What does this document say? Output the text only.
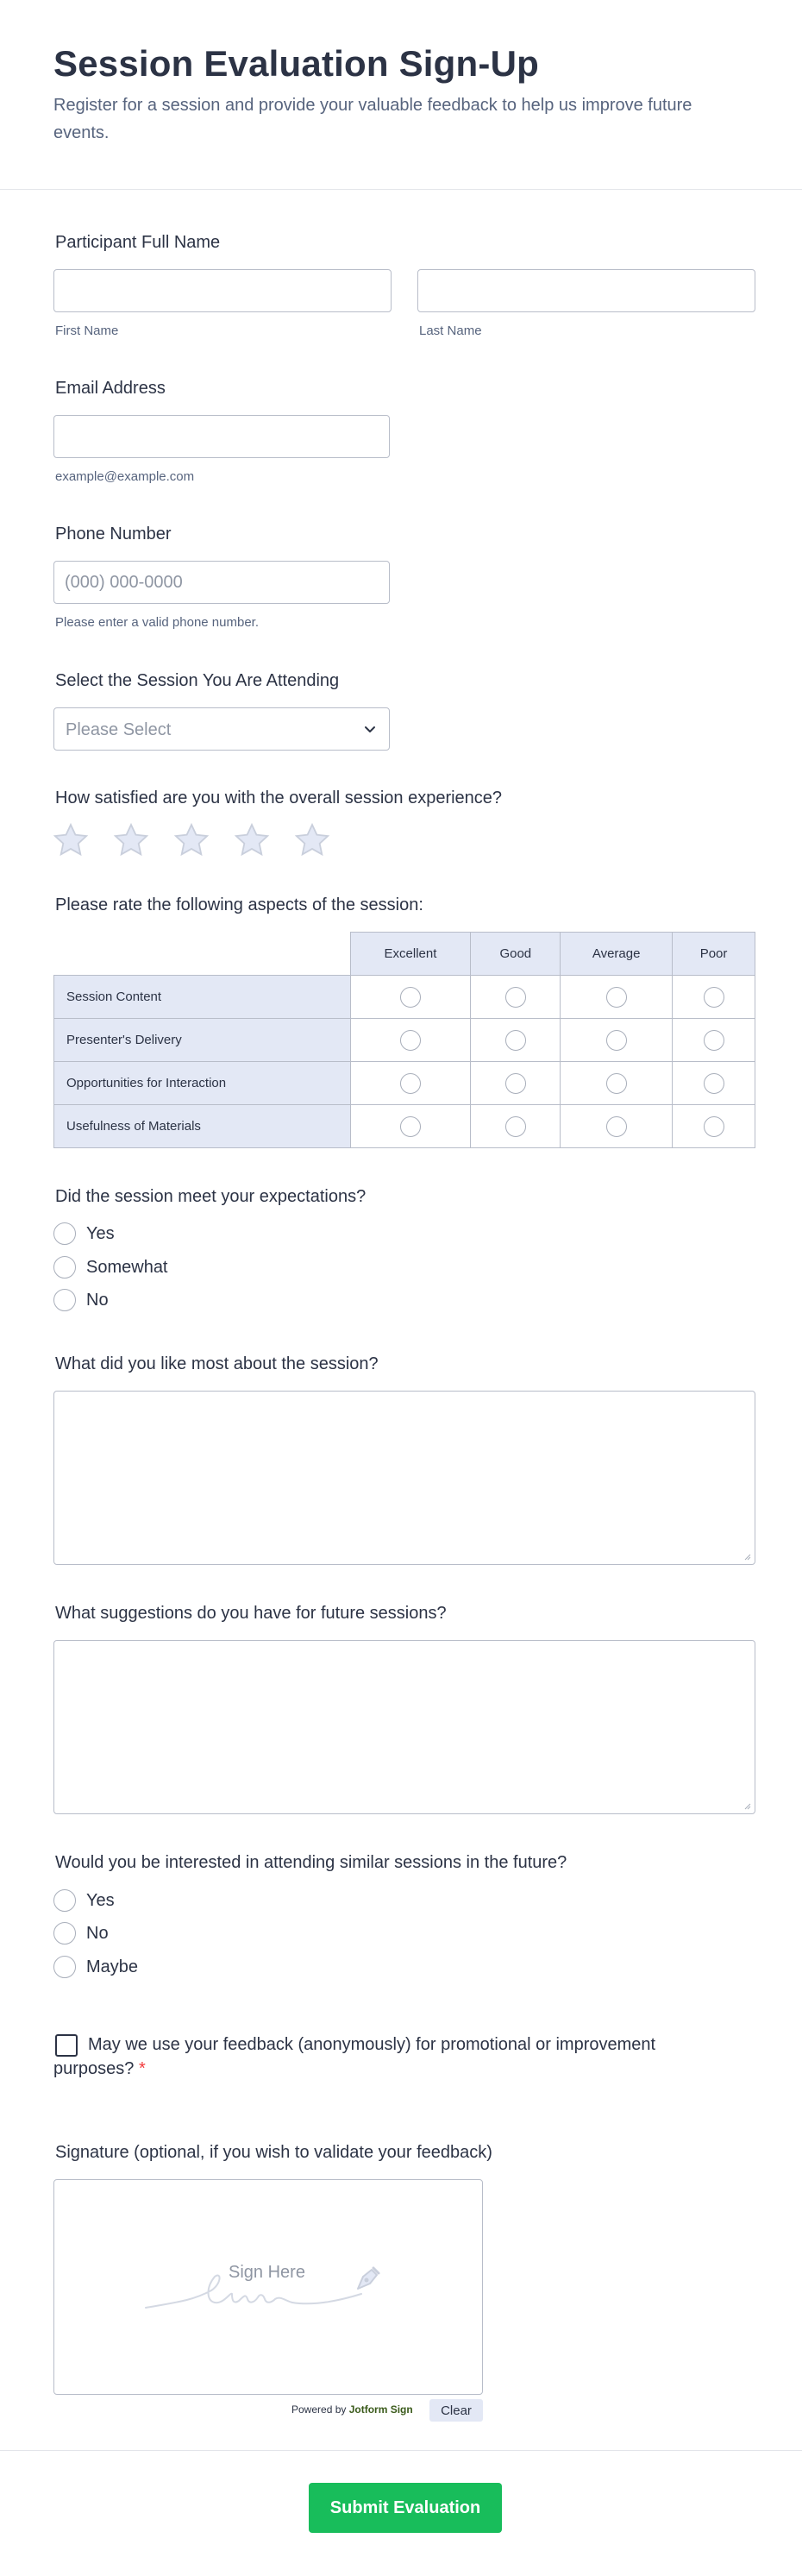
Session Evaluation Sign-Up

Register for a session and provide your valuable feedback to help us improve future events.

Participant Full Name
First Name	Last Name
Email Address
example@example.com
Phone Number
(000) 000-0000
Please enter a valid phone number.
Select the Session You Are Attending
Please Select
How satisfied are you with the overall session experience?
Please rate the following aspects of the session:
	Excellent	Good	Average	Poor
Session Content				
Presenter's Delivery				
Opportunities for Interaction				
Usefulness of Materials				
Did the session meet your expectations?
Yes
Somewhat
No
What did you like most about the session?
What suggestions do you have for future sessions?
Would you be interested in attending similar sessions in the future?
Yes
No
Maybe
May we use your feedback (anonymously) for promotional or improvement purposes? *
Signature (optional, if you wish to validate your feedback)
Sign Here
Powered by Jotform Sign	Clear
Submit Evaluation
